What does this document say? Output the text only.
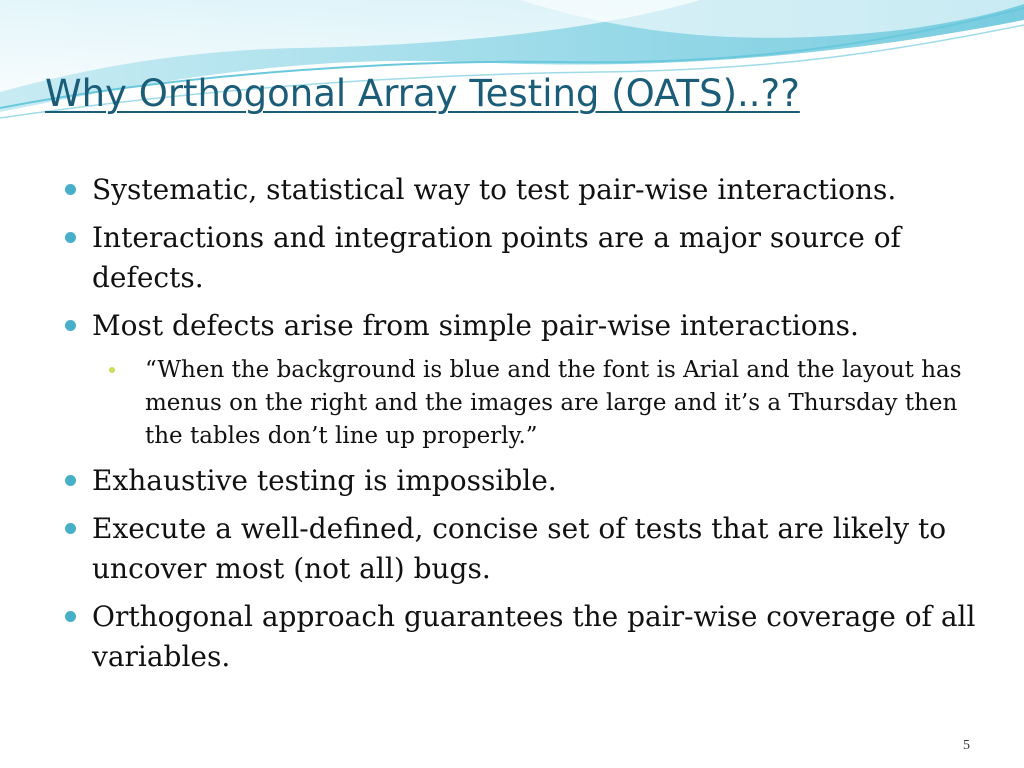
Why Orthogonal Array Testing (OATS)..??
Systematic, statistical way to test pair-wise interactions.
Interactions and integration points are a major source of defects.
Most defects arise from simple pair-wise interactions.
“When the background is blue and the font is Arial and the layout has menus on the right and the images are large and it’s a Thursday then the tables don’t line up properly.”
Exhaustive testing is impossible.
Execute a well-defined, concise set of tests that are likely to uncover most (not all) bugs.
Orthogonal approach guarantees the pair-wise coverage of all variables.
5
